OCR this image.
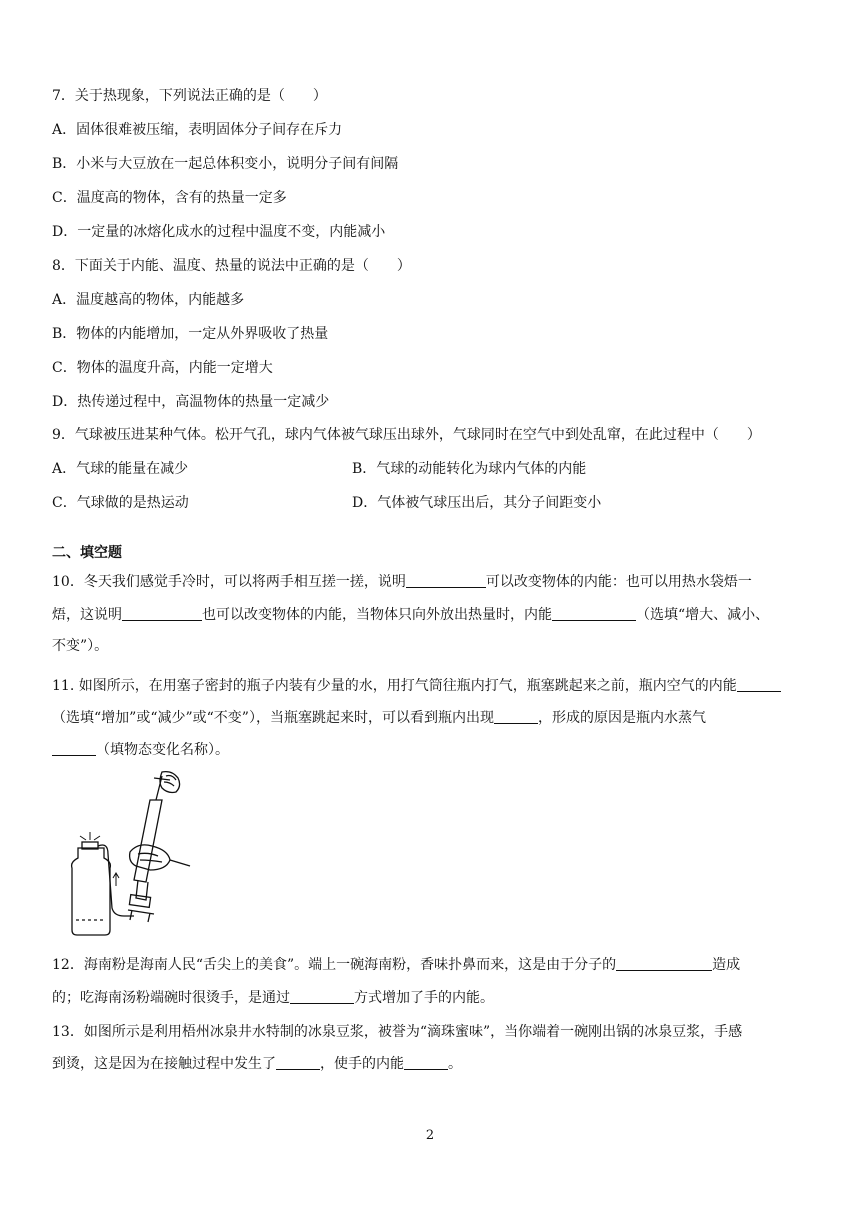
7．关于热现象，下列说法正确的是（　　）
A．固体很难被压缩，表明固体分子间存在斥力
B．小米与大豆放在一起总体积变小，说明分子间有间隔
C．温度高的物体，含有的热量一定多
D．一定量的冰熔化成水的过程中温度不变，内能减小
8．下面关于内能、温度、热量的说法中正确的是（　　）
A．温度越高的物体，内能越多
B．物体的内能增加，一定从外界吸收了热量
C．物体的温度升高，内能一定增大
D．热传递过程中，高温物体的热量一定减少
9．气球被压进某种气体。松开气孔，球内气体被气球压出球外，气球同时在空气中到处乱窜，在此过程中（　　）
A．气球的能量在减少	B．气球的动能转化为球内气体的内能
C．气球做的是热运动	D．气体被气球压出后，其分子间距变小
二、填空题
10．冬天我们感觉手冷时，可以将两手相互搓一搓，说明	可以改变物体的内能：也可以用热水袋焐一
焐，这说明	也可以改变物体的内能，当物体只向外放出热量时，内能	（选填“增大、减小、
不变”）。
11. 如图所示，在用塞子密封的瓶子内装有少量的水，用打气筒往瓶内打气，瓶塞跳起来之前，瓶内空气的内能
（选填“增加”或“减少”或“不变”），当瓶塞跳起来时，可以看到瓶内出现	，形成的原因是瓶内水蒸气
（填物态变化名称）。
12．海南粉是海南人民“舌尖上的美食”。端上一碗海南粉，香味扑鼻而来，这是由于分子的	造成
的；吃海南汤粉端碗时很烫手，是通过	方式增加了手的内能。
13．如图所示是利用梧州冰泉井水特制的冰泉豆浆，被誉为“滴珠蜜味”，当你端着一碗刚出锅的冰泉豆浆，手感
到烫，这是因为在接触过程中发生了	，使手的内能	。
2
